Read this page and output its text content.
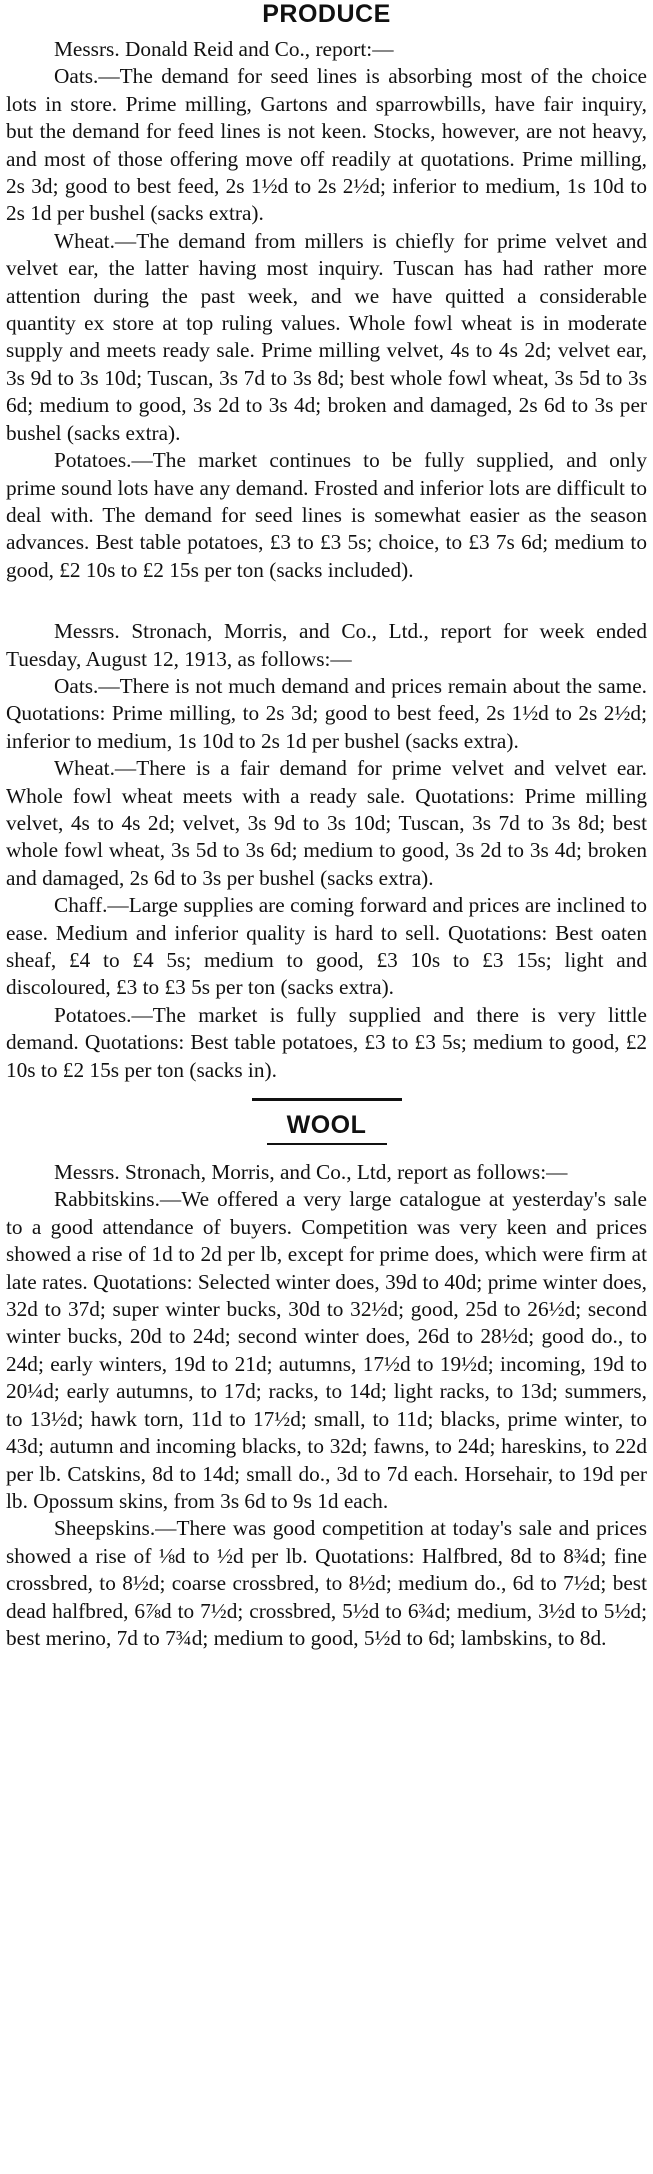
PRODUCE

Messrs. Donald Reid and Co., report:—

Oats.—The demand for seed lines is absorbing most of the choice lots in store. Prime milling, Gartons and sparrowbills, have fair inquiry, but the demand for feed lines is not keen. Stocks, however, are not heavy, and most of those offering move off readily at quotations. Prime milling, 2s 3d; good to best feed, 2s 1½d to 2s 2½d; inferior to medium, 1s 10d to 2s 1d per bushel (sacks extra).

Wheat.—The demand from millers is chiefly for prime velvet and velvet ear, the latter having most inquiry. Tuscan has had rather more attention during the past week, and we have quitted a considerable quantity ex store at top ruling values. Whole fowl wheat is in moderate supply and meets ready sale. Prime milling velvet, 4s to 4s 2d; velvet ear, 3s 9d to 3s 10d; Tuscan, 3s 7d to 3s 8d; best whole fowl wheat, 3s 5d to 3s 6d; medium to good, 3s 2d to 3s 4d; broken and damaged, 2s 6d to 3s per bushel (sacks extra).

Potatoes.—The market continues to be fully supplied, and only prime sound lots have any demand. Frosted and inferior lots are difficult to deal with. The demand for seed lines is somewhat easier as the season advances. Best table potatoes, £3 to £3 5s; choice, to £3 7s 6d; medium to good, £2 10s to £2 15s per ton (sacks included).

Messrs. Stronach, Morris, and Co., Ltd., report for week ended Tuesday, August 12, 1913, as follows:—

Oats.—There is not much demand and prices remain about the same. Quotations: Prime milling, to 2s 3d; good to best feed, 2s 1½d to 2s 2½d; inferior to medium, 1s 10d to 2s 1d per bushel (sacks extra).

Wheat.—There is a fair demand for prime velvet and velvet ear. Whole fowl wheat meets with a ready sale. Quotations: Prime milling velvet, 4s to 4s 2d; velvet, 3s 9d to 3s 10d; Tuscan, 3s 7d to 3s 8d; best whole fowl wheat, 3s 5d to 3s 6d; medium to good, 3s 2d to 3s 4d; broken and damaged, 2s 6d to 3s per bushel (sacks extra).

Chaff.—Large supplies are coming forward and prices are inclined to ease. Medium and inferior quality is hard to sell. Quotations: Best oaten sheaf, £4 to £4 5s; medium to good, £3 10s to £3 15s; light and discoloured, £3 to £3 5s per ton (sacks extra).

Potatoes.—The market is fully supplied and there is very little demand. Quotations: Best table potatoes, £3 to £3 5s; medium to good, £2 10s to £2 15s per ton (sacks in).

WOOL

Messrs. Stronach, Morris, and Co., Ltd, report as follows:—

Rabbitskins.—We offered a very large catalogue at yesterday's sale to a good attendance of buyers. Competition was very keen and prices showed a rise of 1d to 2d per lb, except for prime does, which were firm at late rates. Quotations: Selected winter does, 39d to 40d; prime winter does, 32d to 37d; super winter bucks, 30d to 32½d; good, 25d to 26½d; second winter bucks, 20d to 24d; second winter does, 26d to 28½d; good do., to 24d; early winters, 19d to 21d; autumns, 17½d to 19½d; incoming, 19d to 20¼d; early autumns, to 17d; racks, to 14d; light racks, to 13d; summers, to 13½d; hawk torn, 11d to 17½d; small, to 11d; blacks, prime winter, to 43d; autumn and incoming blacks, to 32d; fawns, to 24d; hareskins, to 22d per lb. Catskins, 8d to 14d; small do., 3d to 7d each. Horsehair, to 19d per lb. Opossum skins, from 3s 6d to 9s 1d each.

Sheepskins.—There was good competition at today's sale and prices showed a rise of ⅛d to ½d per lb. Quotations: Halfbred, 8d to 8¾d; fine crossbred, to 8½d; coarse crossbred, to 8½d; medium do., 6d to 7½d; best dead halfbred, 6⅞d to 7½d; crossbred, 5½d to 6¾d; medium, 3½d to 5½d; best merino, 7d to 7¾d; medium to good, 5½d to 6d; lambskins, to 8d.
